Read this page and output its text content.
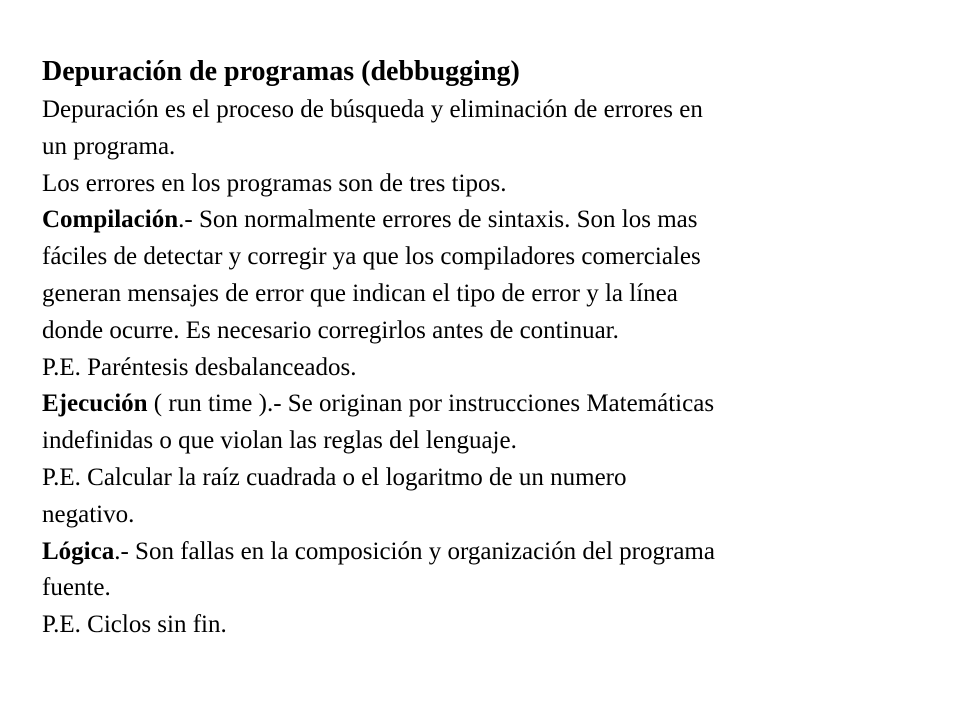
Depuración de programas (debbugging)
Depuración es el proceso de búsqueda y eliminación de errores en
un programa.
Los errores en los programas son de tres tipos.
Compilación.- Son normalmente errores de sintaxis. Son los mas
fáciles de detectar y corregir ya que los compiladores comerciales
generan mensajes de error que indican el tipo de error y la línea
donde ocurre. Es necesario corregirlos antes de continuar.
P.E. Paréntesis desbalanceados.
Ejecución ( run time ).- Se originan por instrucciones Matemáticas
indefinidas o que violan las reglas del lenguaje.
P.E. Calcular la raíz cuadrada o el logaritmo de un numero
negativo.
Lógica.- Son fallas en la composición y organización del programa
fuente.
P.E. Ciclos sin fin.
